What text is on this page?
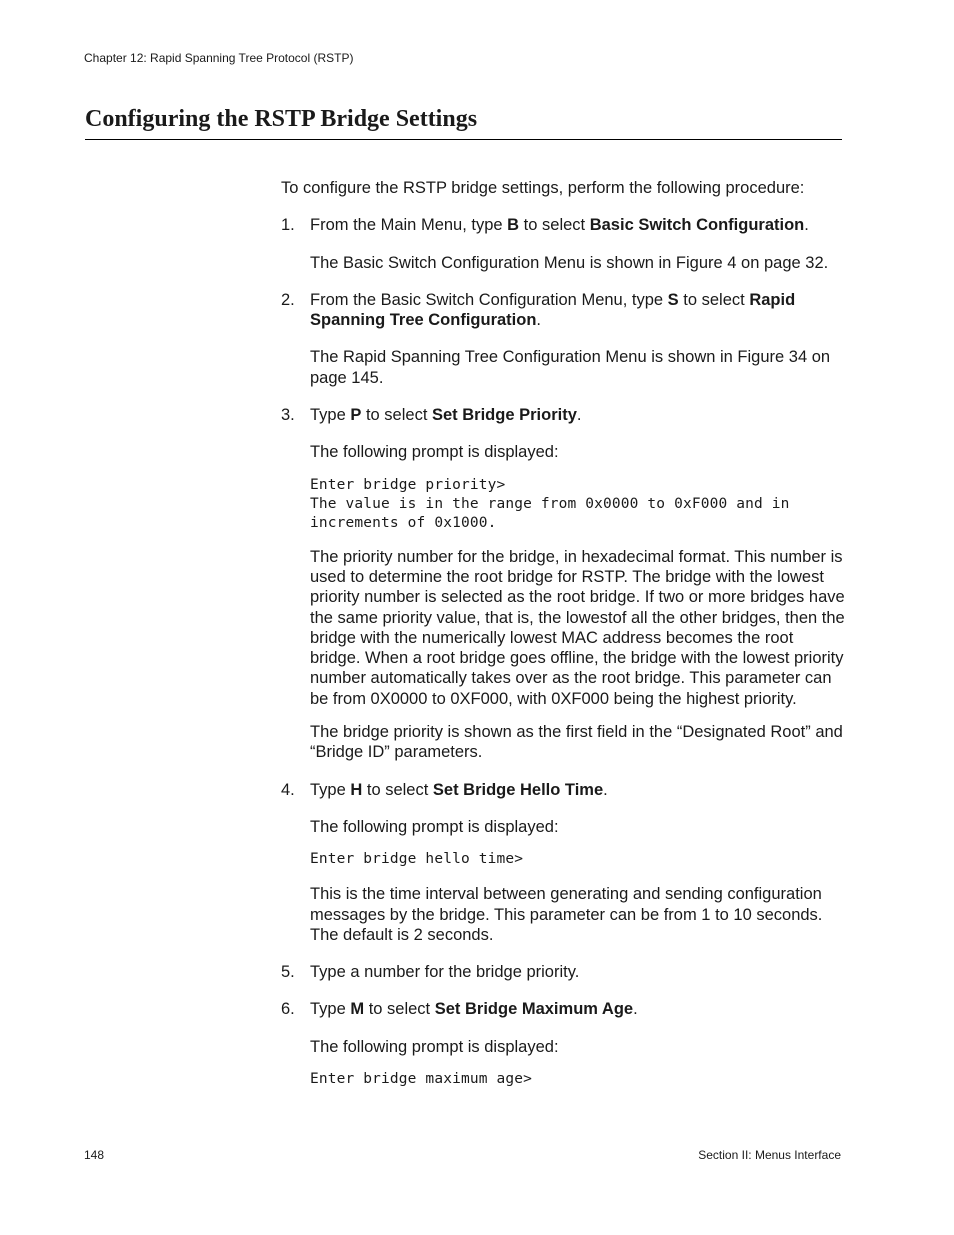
Chapter 12: Rapid Spanning Tree Protocol (RSTP)
Configuring the RSTP Bridge Settings

To configure the RSTP bridge settings, perform the following procedure:

1. From the Main Menu, type B to select Basic Switch Configuration.

The Basic Switch Configuration Menu is shown in Figure 4 on page 32.

2. From the Basic Switch Configuration Menu, type S to select Rapid Spanning Tree Configuration.

The Rapid Spanning Tree Configuration Menu is shown in Figure 34 on page 145.

3. Type P to select Set Bridge Priority.

The following prompt is displayed:

Enter bridge priority>
The value is in the range from 0x0000 to 0xF000 and in
increments of 0x1000.

The priority number for the bridge, in hexadecimal format. This number is used to determine the root bridge for RSTP. The bridge with the lowest priority number is selected as the root bridge. If two or more bridges have the same priority value, that is, the lowestof all the other bridges, then the bridge with the numerically lowest MAC address becomes the root bridge. When a root bridge goes offline, the bridge with the lowest priority number automatically takes over as the root bridge. This parameter can be from 0X0000 to 0XF000, with 0XF000 being the highest priority.

The bridge priority is shown as the first field in the “Designated Root” and “Bridge ID” parameters.

4. Type H to select Set Bridge Hello Time.

The following prompt is displayed:

Enter bridge hello time>

This is the time interval between generating and sending configuration messages by the bridge. This parameter can be from 1 to 10 seconds. The default is 2 seconds.

5. Type a number for the bridge priority.

6. Type M to select Set Bridge Maximum Age.

The following prompt is displayed:

Enter bridge maximum age>

148	Section II: Menus Interface
